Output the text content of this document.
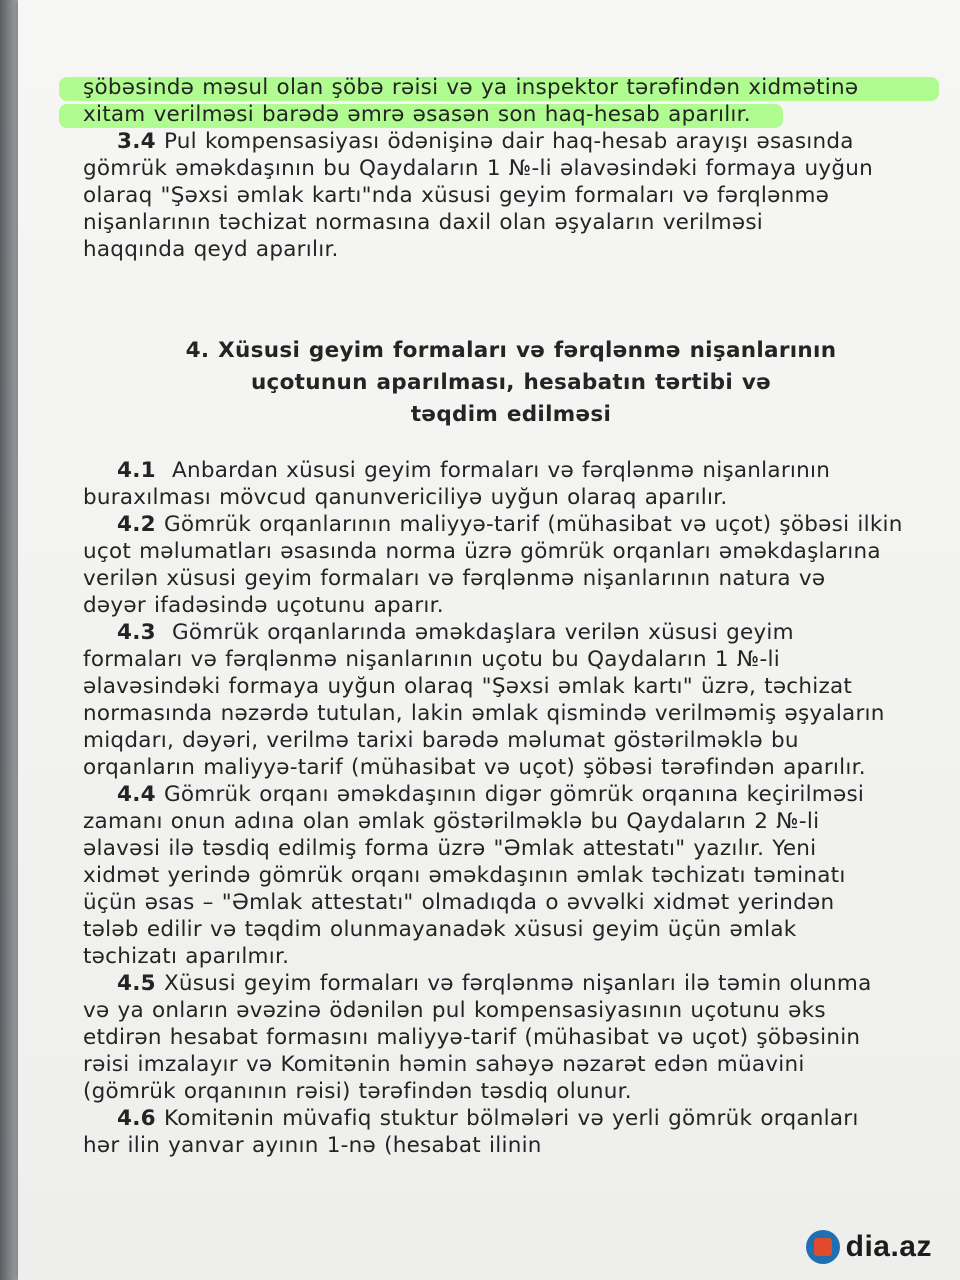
şöbəsində məsul olan şöbə rəisi və ya inspektor tərəfindən xidmətinə
xitam verilməsi barədə əmrə əsasən son haq-hesab aparılır.
3.4 Pul kompensasiyası ödənişinə dair haq-hesab arayışı əsasında
gömrük əməkdaşının bu Qaydaların 1 №-li əlavəsindəki formaya uyğun
olaraq "Şəxsi əmlak kartı"nda xüsusi geyim formaları və fərqlənmə
nişanlarının təchizat normasına daxil olan əşyaların verilməsi
haqqında qeyd aparılır.
4. Xüsusi geyim formaları və fərqlənmə nişanlarının
uçotunun aparılması, hesabatın tərtibi və
təqdim edilməsi
4.1 Anbardan xüsusi geyim formaları və fərqlənmə nişanlarının
buraxılması mövcud qanunvericiliyə uyğun olaraq aparılır.
4.2 Gömrük orqanlarının maliyyə-tarif (mühasibat və uçot) şöbəsi ilkin
uçot məlumatları əsasında norma üzrə gömrük orqanları əməkdaşlarına
verilən xüsusi geyim formaları və fərqlənmə nişanlarının natura və
dəyər ifadəsində uçotunu aparır.
4.3 Gömrük orqanlarında əməkdaşlara verilən xüsusi geyim
formaları və fərqlənmə nişanlarının uçotu bu Qaydaların 1 №-li
əlavəsindəki formaya uyğun olaraq "Şəxsi əmlak kartı" üzrə, təchizat
normasında nəzərdə tutulan, lakin əmlak qismində verilməmiş əşyaların
miqdarı, dəyəri, verilmə tarixi barədə məlumat göstərilməklə bu
orqanların maliyyə-tarif (mühasibat və uçot) şöbəsi tərəfindən aparılır.
4.4 Gömrük orqanı əməkdaşının digər gömrük orqanına keçirilməsi
zamanı onun adına olan əmlak göstərilməklə bu Qaydaların 2 №-li
əlavəsi ilə təsdiq edilmiş forma üzrə "Əmlak attestatı" yazılır. Yeni
xidmət yerində gömrük orqanı əməkdaşının əmlak təchizatı təminatı
üçün əsas – "Əmlak attestatı" olmadıqda o əvvəlki xidmət yerindən
tələb edilir və təqdim olunmayanadək xüsusi geyim üçün əmlak
təchizatı aparılmır.
4.5 Xüsusi geyim formaları və fərqlənmə nişanları ilə təmin olunma
və ya onların əvəzinə ödənilən pul kompensasiyasının uçotunu əks
etdirən hesabat formasını maliyyə-tarif (mühasibat və uçot) şöbəsinin
rəisi imzalayır və Komitənin həmin sahəyə nəzarət edən müavini
(gömrük orqanının rəisi) tərəfindən təsdiq olunur.
4.6 Komitənin müvafiq stuktur bölmələri və yerli gömrük orqanları
hər ilin yanvar ayının 1-nə (hesabat ilinin
dia.az
